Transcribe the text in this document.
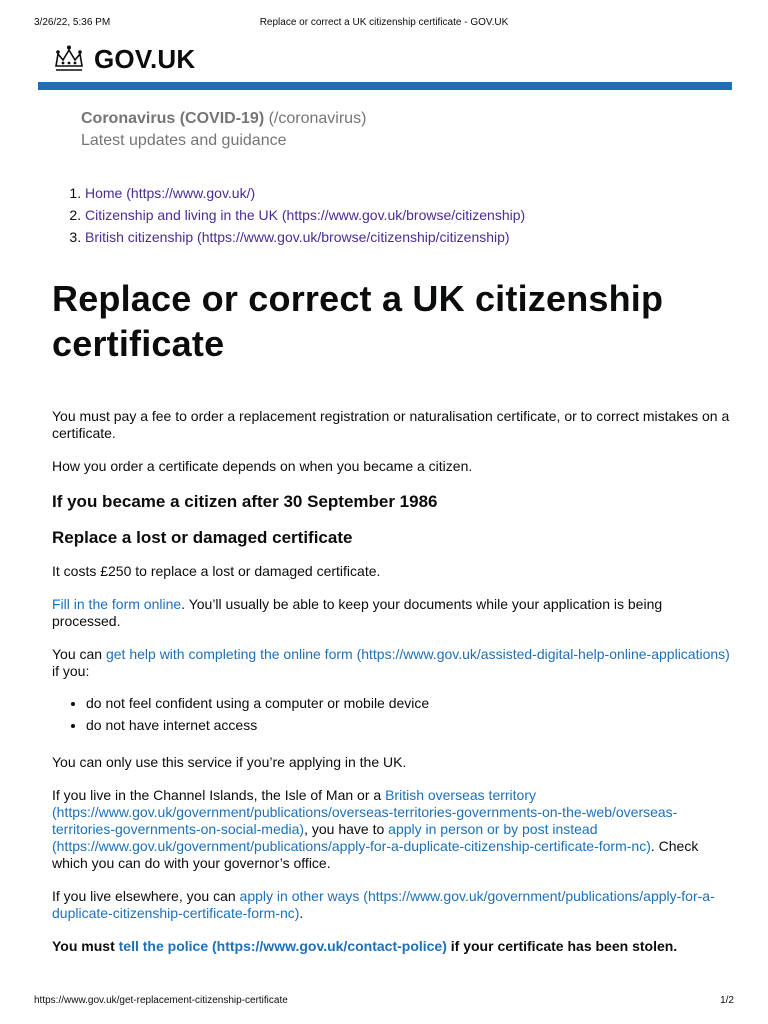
3/26/22, 5:36 PM	Replace or correct a UK citizenship certificate - GOV.UK
GOV.UK
Coronavirus (COVID-19) (/coronavirus)
Latest updates and guidance
1. Home (https://www.gov.uk/)
2. Citizenship and living in the UK (https://www.gov.uk/browse/citizenship)
3. British citizenship (https://www.gov.uk/browse/citizenship/citizenship)
Replace or correct a UK citizenship certificate

You must pay a fee to order a replacement registration or naturalisation certificate, or to correct mistakes on a certificate.

How you order a certificate depends on when you became a citizen.

If you became a citizen after 30 September 1986
Replace a lost or damaged certificate

It costs £250 to replace a lost or damaged certificate.

Fill in the form online. You’ll usually be able to keep your documents while your application is being processed.

You can get help with completing the online form (https://www.gov.uk/assisted-digital-help-online-applications) if you:

• do not feel confident using a computer or mobile device
• do not have internet access

You can only use this service if you’re applying in the UK.

If you live in the Channel Islands, the Isle of Man or a British overseas territory (https://www.gov.uk/government/publications/overseas-territories-governments-on-the-web/overseas-territories-governments-on-social-media), you have to apply in person or by post instead (https://www.gov.uk/government/publications/apply-for-a-duplicate-citizenship-certificate-form-nc). Check which you can do with your governor’s office.

If you live elsewhere, you can apply in other ways (https://www.gov.uk/government/publications/apply-for-a-duplicate-citizenship-certificate-form-nc).

You must tell the police (https://www.gov.uk/contact-police) if your certificate has been stolen.

https://www.gov.uk/get-replacement-citizenship-certificate	1/2
